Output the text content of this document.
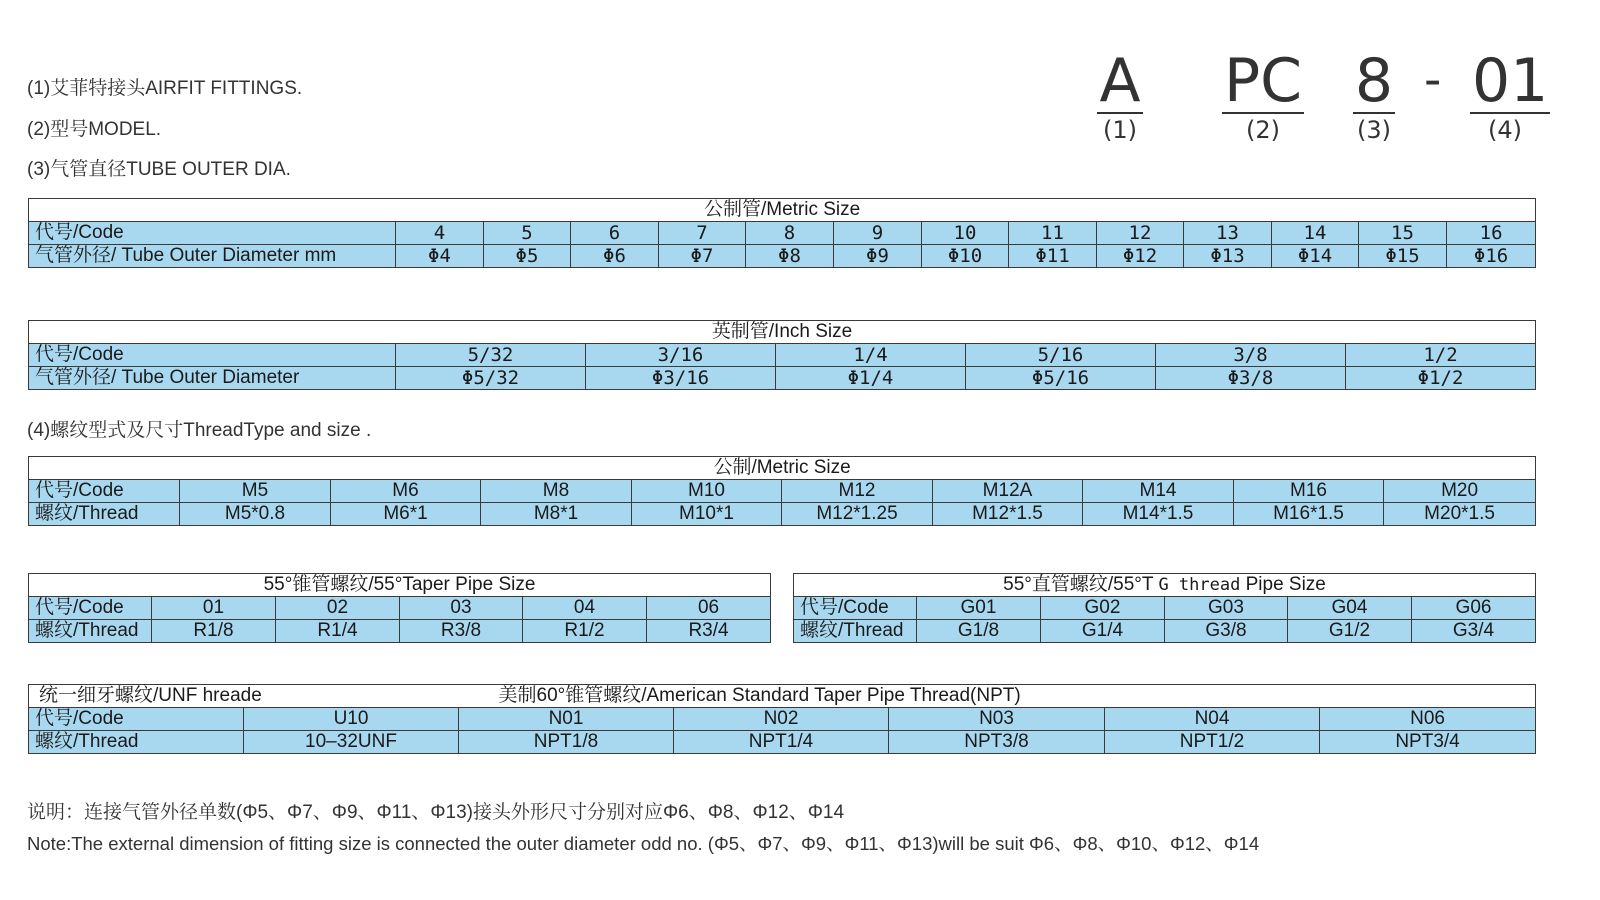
(1)艾菲特接头AIRFIT FITTINGS.
(2)型号MODEL.
(3)气管直径TUBE OUTER DIA.
A
(1)
PC
(2)
8
(3)
- 01
(4)
公制管/Metric Size													
代号/Code	4	5	6	7	8	9	10	11	12	13	14	15	16
气管外径/ Tube Outer Diameter mm	Φ4	Φ5	Φ6	Φ7	Φ8	Φ9	Φ10	Φ11	Φ12	Φ13	Φ14	Φ15	Φ16
英制管/Inch Size						
代号/Code	5/32	3/16	1/4	5/16	3/8	1/2
气管外径/ Tube Outer Diameter	Φ5/32	Φ3/16	Φ1/4	Φ5/16	Φ3/8	Φ1/2
(4)螺纹型式及尺寸ThreadType and size .
公制/Metric Size									
代号/Code	M5	M6	M8	M10	M12	M12A	M14	M16	M20
螺纹/Thread	M5*0.8	M6*1	M8*1	M10*1	M12*1.25	M12*1.5	M14*1.5	M16*1.5	M20*1.5
55°锥管螺纹/55°Taper Pipe Size					
代号/Code	01	02	03	04	06
螺纹/Thread	R1/8	R1/4	R3/8	R1/2	R3/4
55°直管螺纹/55°T G thread Pipe Size					
代号/Code	G01	G02	G03	G04	G06
螺纹/Thread	G1/8	G1/4	G3/8	G1/2	G3/4
统一细牙螺纹/UNF hreade		美制60°锥管螺纹/American Standard Taper Pipe Thread(NPT)				
代号/Code	U10	N01	N02	N03	N04	N06
螺纹/Thread	10–32UNF	NPT1/8	NPT1/4	NPT3/8	NPT1/2	NPT3/4
说明：连接气管外径单数(Φ5、Φ7、Φ9、Φ11、Φ13)接头外形尺寸分别对应Φ6、Φ8、Φ12、Φ14
Note:The external dimension of fitting size is connected the outer diameter odd no. (Φ5、Φ7、Φ9、Φ11、Φ13)will be suit Φ6、Φ8、Φ10、Φ12、Φ14
